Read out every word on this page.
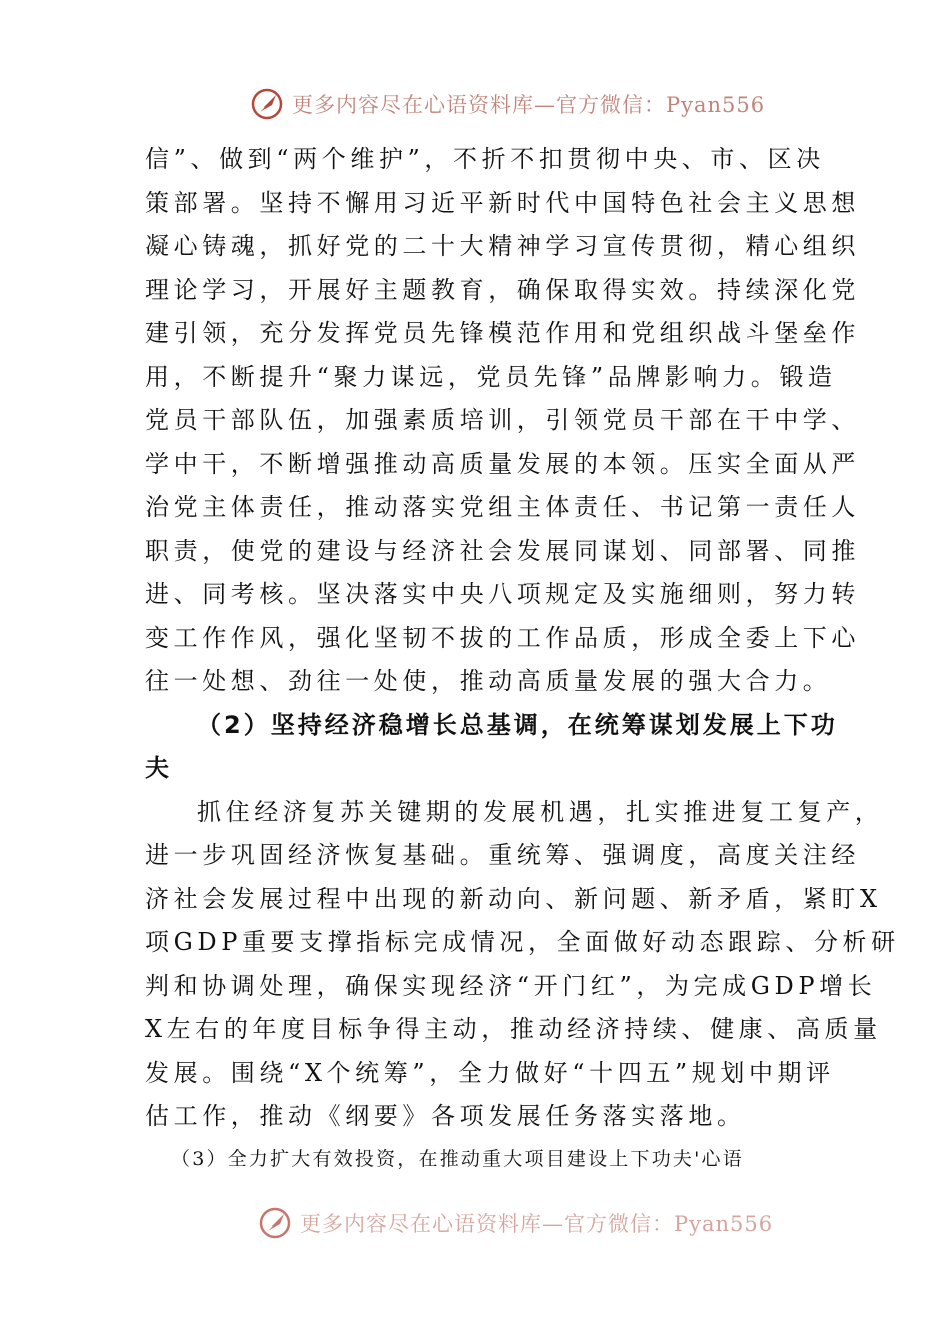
更多内容尽在心语资料库—官方微信：Pyan556
信”、做到“两个维护”，不折不扣贯彻中央、市、区决
策部署。坚持不懈用习近平新时代中国特色社会主义思想
凝心铸魂，抓好党的二十大精神学习宣传贯彻，精心组织
理论学习，开展好主题教育，确保取得实效。持续深化党
建引领，充分发挥党员先锋模范作用和党组织战斗堡垒作
用，不断提升“聚力谋远，党员先锋”品牌影响力。锻造
党员干部队伍，加强素质培训，引领党员干部在干中学、
学中干，不断增强推动高质量发展的本领。压实全面从严
治党主体责任，推动落实党组主体责任、书记第一责任人
职责，使党的建设与经济社会发展同谋划、同部署、同推
进、同考核。坚决落实中央八项规定及实施细则，努力转
变工作作风，强化坚韧不拔的工作品质，形成全委上下心
往一处想、劲往一处使，推动高质量发展的强大合力。
（2）坚持经济稳增长总基调，在统筹谋划发展上下功
夫
抓住经济复苏关键期的发展机遇，扎实推进复工复产，
进一步巩固经济恢复基础。重统筹、强调度，高度关注经
济社会发展过程中出现的新动向、新问题、新矛盾，紧盯X
项GDP重要支撑指标完成情况，全面做好动态跟踪、分析研
判和协调处理，确保实现经济“开门红”，为完成GDP增长
X左右的年度目标争得主动，推动经济持续、健康、高质量
发展。围绕“X个统筹”，全力做好“十四五”规划中期评
估工作，推动《纲要》各项发展任务落实落地。
（3）全力扩大有效投资，在推动重大项目建设上下功夫'心语
更多内容尽在心语资料库—官方微信：Pyan556
